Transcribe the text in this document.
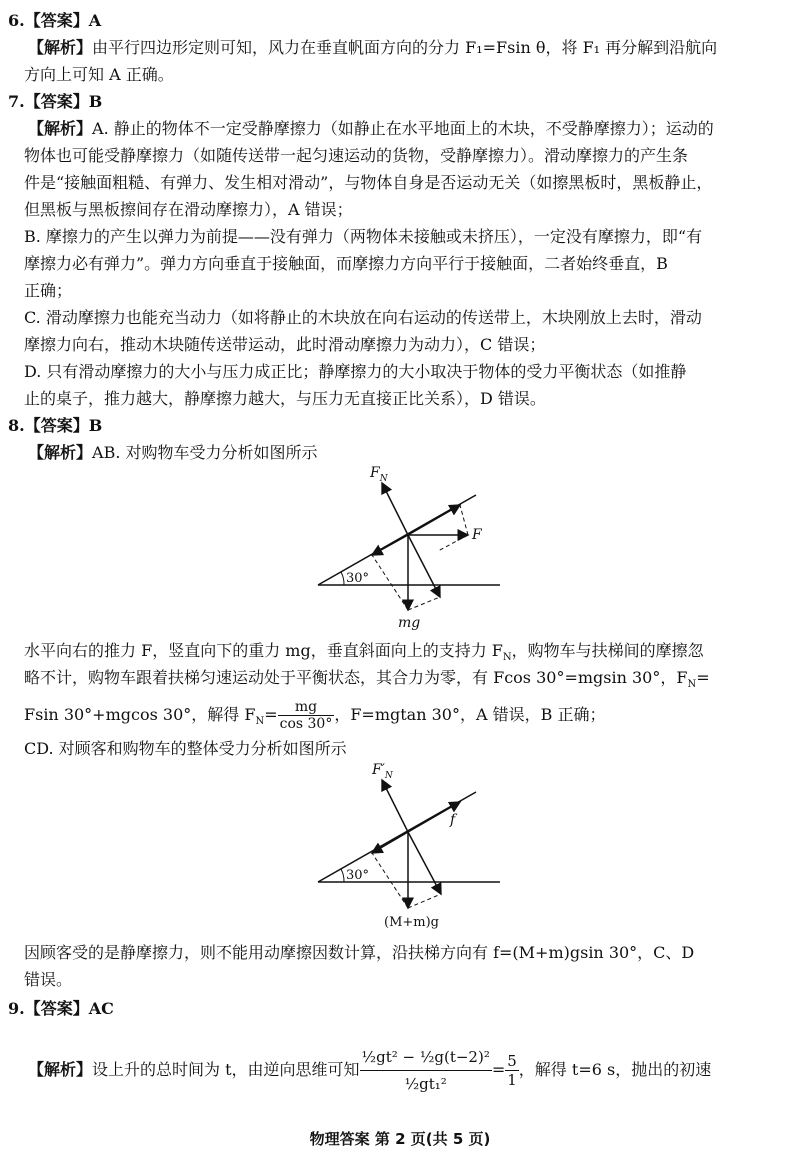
6.【答案】A
【解析】由平行四边形定则可知，风力在垂直帆面方向的分力 F₁=Fsin θ，将 F₁ 再分解到沿航向
方向上可知 A 正确。
7.【答案】B
【解析】A. 静止的物体不一定受静摩擦力（如静止在水平地面上的木块，不受静摩擦力）；运动的
物体也可能受静摩擦力（如随传送带一起匀速运动的货物，受静摩擦力）。滑动摩擦力的产生条
件是“接触面粗糙、有弹力、发生相对滑动”，与物体自身是否运动无关（如擦黑板时，黑板静止，
但黑板与黑板擦间存在滑动摩擦力），A 错误；
B. 摩擦力的产生以弹力为前提——没有弹力（两物体未接触或未挤压），一定没有摩擦力，即“有
摩擦力必有弹力”。弹力方向垂直于接触面，而摩擦力方向平行于接触面，二者始终垂直，B
正确；
C. 滑动摩擦力也能充当动力（如将静止的木块放在向右运动的传送带上，木块刚放上去时，滑动
摩擦力向右，推动木块随传送带运动，此时滑动摩擦力为动力），C 错误；
D. 只有滑动摩擦力的大小与压力成正比；静摩擦力的大小取决于物体的受力平衡状态（如推静
止的桌子，推力越大，静摩擦力越大，与压力无直接正比关系），D 错误。
8.【答案】B
【解析】AB. 对购物车受力分析如图所示
30°
$F_N$
F
mg
水平向右的推力 F，竖直向下的重力 mg，垂直斜面向上的支持力 $F_N$，购物车与扶梯间的摩擦忽
略不计，购物车跟着扶梯匀速运动处于平衡状态，其合力为零，有 Fcos 30°=mgsin 30°，$F_N=$
Fsin 30°+mgcos 30°，解得 $F_N= \frac{mg}{\cos 30^\circ}$ ，F=mgtan 30°，A 错误，B 正确；
CD. 对顾客和购物车的整体受力分析如图所示
30°
$F'_N$
f
(M+m)g
因顾客受的是静摩擦力，则不能用动摩擦因数计算，沿扶梯方向有 f=(M+m)gsin 30°，C、D
错误。
9.【答案】AC
【解析】设上升的总时间为 t，由逆向思维可知 $\frac{\text{½gt² − ½g(t−2)²}}{\text{½gt₁²}} = \frac{5}{1}$ ，解得 t=6 s，抛出的初速
物理答案 第 2 页(共 5 页)
